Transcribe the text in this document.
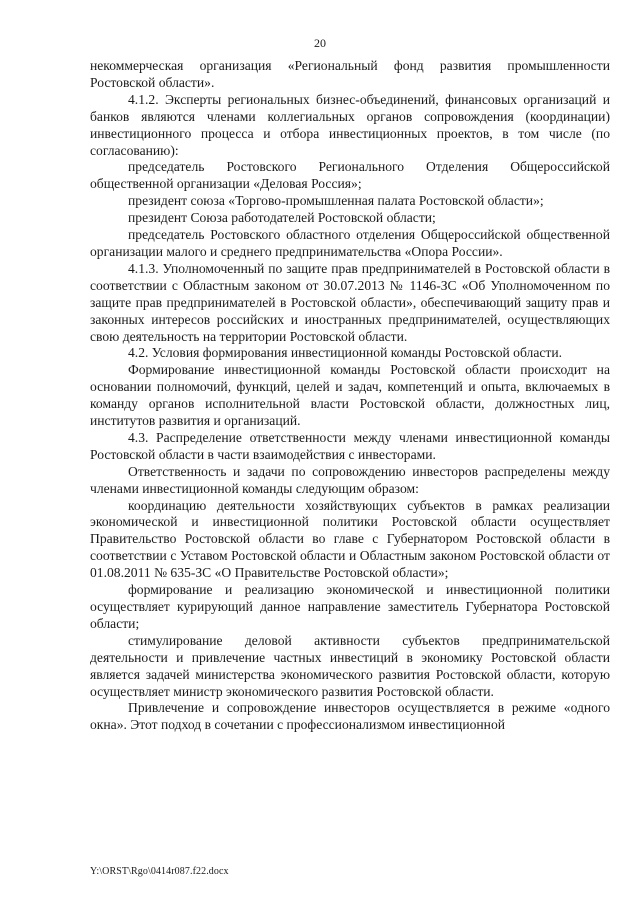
20

некоммерческая организация «Региональный фонд развития промышленности Ростовской области».

4.1.2. Эксперты региональных бизнес-объединений, финансовых организаций и банков являются членами коллегиальных органов сопровождения (координации) инвестиционного процесса и отбора инвестиционных проектов, в том числе (по согласованию):

председатель Ростовского Регионального Отделения Общероссийской общественной организации «Деловая Россия»;

президент союза «Торгово-промышленная палата Ростовской области»;

президент Союза работодателей Ростовской области;

председатель Ростовского областного отделения Общероссийской общественной организации малого и среднего предпринимательства «Опора России».

4.1.3. Уполномоченный по защите прав предпринимателей в Ростовской области в соответствии с Областным законом от 30.07.2013 № 1146-ЗС «Об Уполномоченном по защите прав предпринимателей в Ростовской области», обеспечивающий защиту прав и законных интересов российских и иностранных предпринимателей, осуществляющих свою деятельность на территории Ростовской области.

4.2. Условия формирования инвестиционной команды Ростовской области.

Формирование инвестиционной команды Ростовской области происходит на основании полномочий, функций, целей и задач, компетенций и опыта, включаемых в команду органов исполнительной власти Ростовской области, должностных лиц, институтов развития и организаций.

4.3. Распределение ответственности между членами инвестиционной команды Ростовской области в части взаимодействия с инвесторами.

Ответственность и задачи по сопровождению инвесторов распределены между членами инвестиционной команды следующим образом:

координацию деятельности хозяйствующих субъектов в рамках реализации экономической и инвестиционной политики Ростовской области осуществляет Правительство Ростовской области во главе с Губернатором Ростовской области в соответствии с Уставом Ростовской области и Областным законом Ростовской области от 01.08.2011 № 635-ЗС «О Правительстве Ростовской области»;

формирование и реализацию экономической и инвестиционной политики осуществляет курирующий данное направление заместитель Губернатора Ростовской области;

стимулирование деловой активности субъектов предпринимательской деятельности и привлечение частных инвестиций в экономику Ростовской области является задачей министерства экономического развития Ростовской области, которую осуществляет министр экономического развития Ростовской области.

Привлечение и сопровождение инвесторов осуществляется в режиме «одного окна». Этот подход в сочетании с профессионализмом инвестиционной

Y:\ORST\Rgo\0414r087.f22.docx
